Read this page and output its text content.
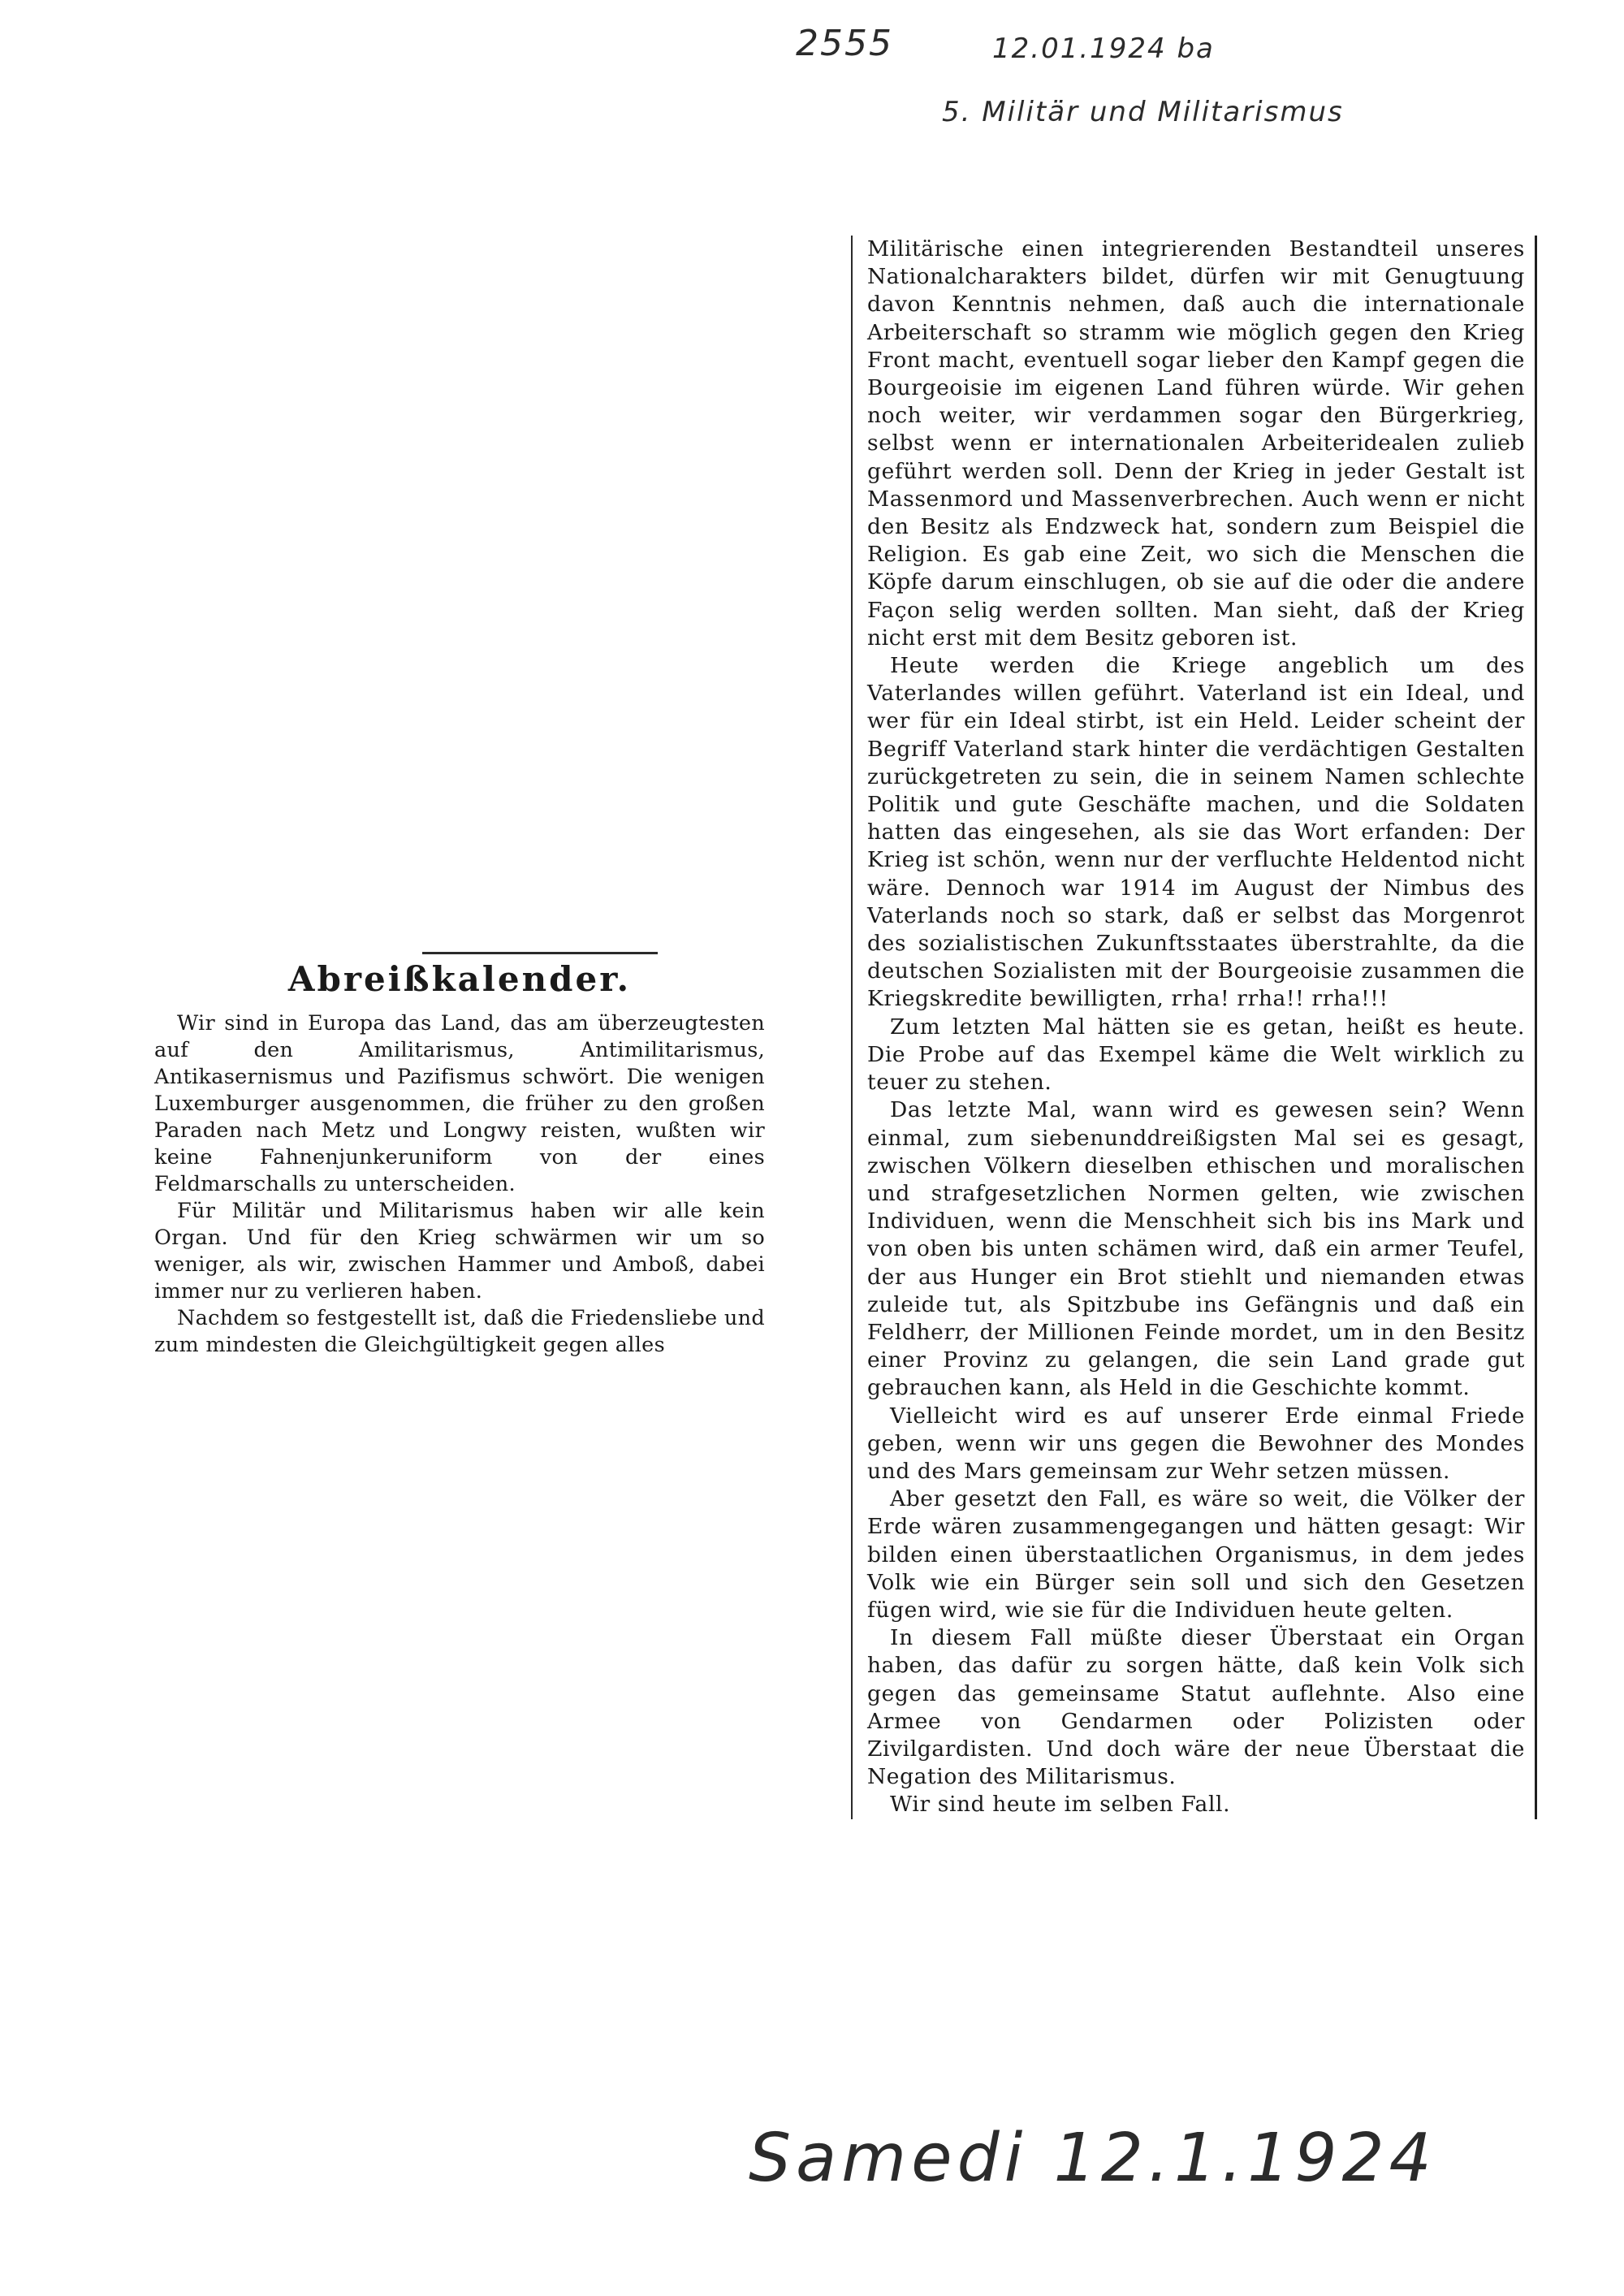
2555	12.01.1924 ba
5. Militär und Militarismus
Abreißkalender.

Wir sind in Europa das Land, das am überzeugtesten auf den Amilitarismus, Antimilitarismus, Antikasernismus und Pazifismus schwört. Die wenigen Luxemburger ausgenommen, die früher zu den großen Paraden nach Metz und Longwy reisten, wußten wir keine Fahnenjunkeruniform von der eines Feldmarschalls zu unterscheiden.

Für Militär und Militarismus haben wir alle kein Organ. Und für den Krieg schwärmen wir um so weniger, als wir, zwischen Hammer und Amboß, dabei immer nur zu verlieren haben.

Nachdem so festgestellt ist, daß die Friedensliebe und zum mindesten die Gleichgültigkeit gegen alles

Militärische einen integrierenden Bestandteil unseres Nationalcharakters bildet, dürfen wir mit Genugtuung davon Kenntnis nehmen, daß auch die internationale Arbeiterschaft so stramm wie möglich gegen den Krieg Front macht, eventuell sogar lieber den Kampf gegen die Bourgeoisie im eigenen Land führen würde. Wir gehen noch weiter, wir verdammen sogar den Bürgerkrieg, selbst wenn er internationalen Arbeiteridealen zulieb geführt werden soll. Denn der Krieg in jeder Gestalt ist Massenmord und Massenverbrechen. Auch wenn er nicht den Besitz als Endzweck hat, sondern zum Beispiel die Religion. Es gab eine Zeit, wo sich die Menschen die Köpfe darum einschlugen, ob sie auf die oder die andere Façon selig werden sollten. Man sieht, daß der Krieg nicht erst mit dem Besitz geboren ist.

Heute werden die Kriege angeblich um des Vaterlandes willen geführt. Vaterland ist ein Ideal, und wer für ein Ideal stirbt, ist ein Held. Leider scheint der Begriff Vaterland stark hinter die verdächtigen Gestalten zurückgetreten zu sein, die in seinem Namen schlechte Politik und gute Geschäfte machen, und die Soldaten hatten das eingesehen, als sie das Wort erfanden: Der Krieg ist schön, wenn nur der verfluchte Heldentod nicht wäre. Dennoch war 1914 im August der Nimbus des Vaterlands noch so stark, daß er selbst das Morgenrot des sozialistischen Zukunftsstaates überstrahlte, da die deutschen Sozialisten mit der Bourgeoisie zusammen die Kriegskredite bewilligten, rrha! rrha!! rrha!!!

Zum letzten Mal hätten sie es getan, heißt es heute. Die Probe auf das Exempel käme die Welt wirklich zu teuer zu stehen.

Das letzte Mal, wann wird es gewesen sein? Wenn einmal, zum siebenunddreißigsten Mal sei es gesagt, zwischen Völkern dieselben ethischen und moralischen und strafgesetzlichen Normen gelten, wie zwischen Individuen, wenn die Menschheit sich bis ins Mark und von oben bis unten schämen wird, daß ein armer Teufel, der aus Hunger ein Brot stiehlt und niemanden etwas zuleide tut, als Spitzbube ins Gefängnis und daß ein Feldherr, der Millionen Feinde mordet, um in den Besitz einer Provinz zu gelangen, die sein Land grade gut gebrauchen kann, als Held in die Geschichte kommt.

Vielleicht wird es auf unserer Erde einmal Friede geben, wenn wir uns gegen die Bewohner des Mondes und des Mars gemeinsam zur Wehr setzen müssen.

Aber gesetzt den Fall, es wäre so weit, die Völker der Erde wären zusammengegangen und hätten gesagt: Wir bilden einen überstaatlichen Organismus, in dem jedes Volk wie ein Bürger sein soll und sich den Gesetzen fügen wird, wie sie für die Individuen heute gelten.

In diesem Fall müßte dieser Überstaat ein Organ haben, das dafür zu sorgen hätte, daß kein Volk sich gegen das gemeinsame Statut auflehnte. Also eine Armee von Gendarmen oder Polizisten oder Zivilgardisten. Und doch wäre der neue Überstaat die Negation des Militarismus.

Wir sind heute im selben Fall.

Samedi 12.1.1924
